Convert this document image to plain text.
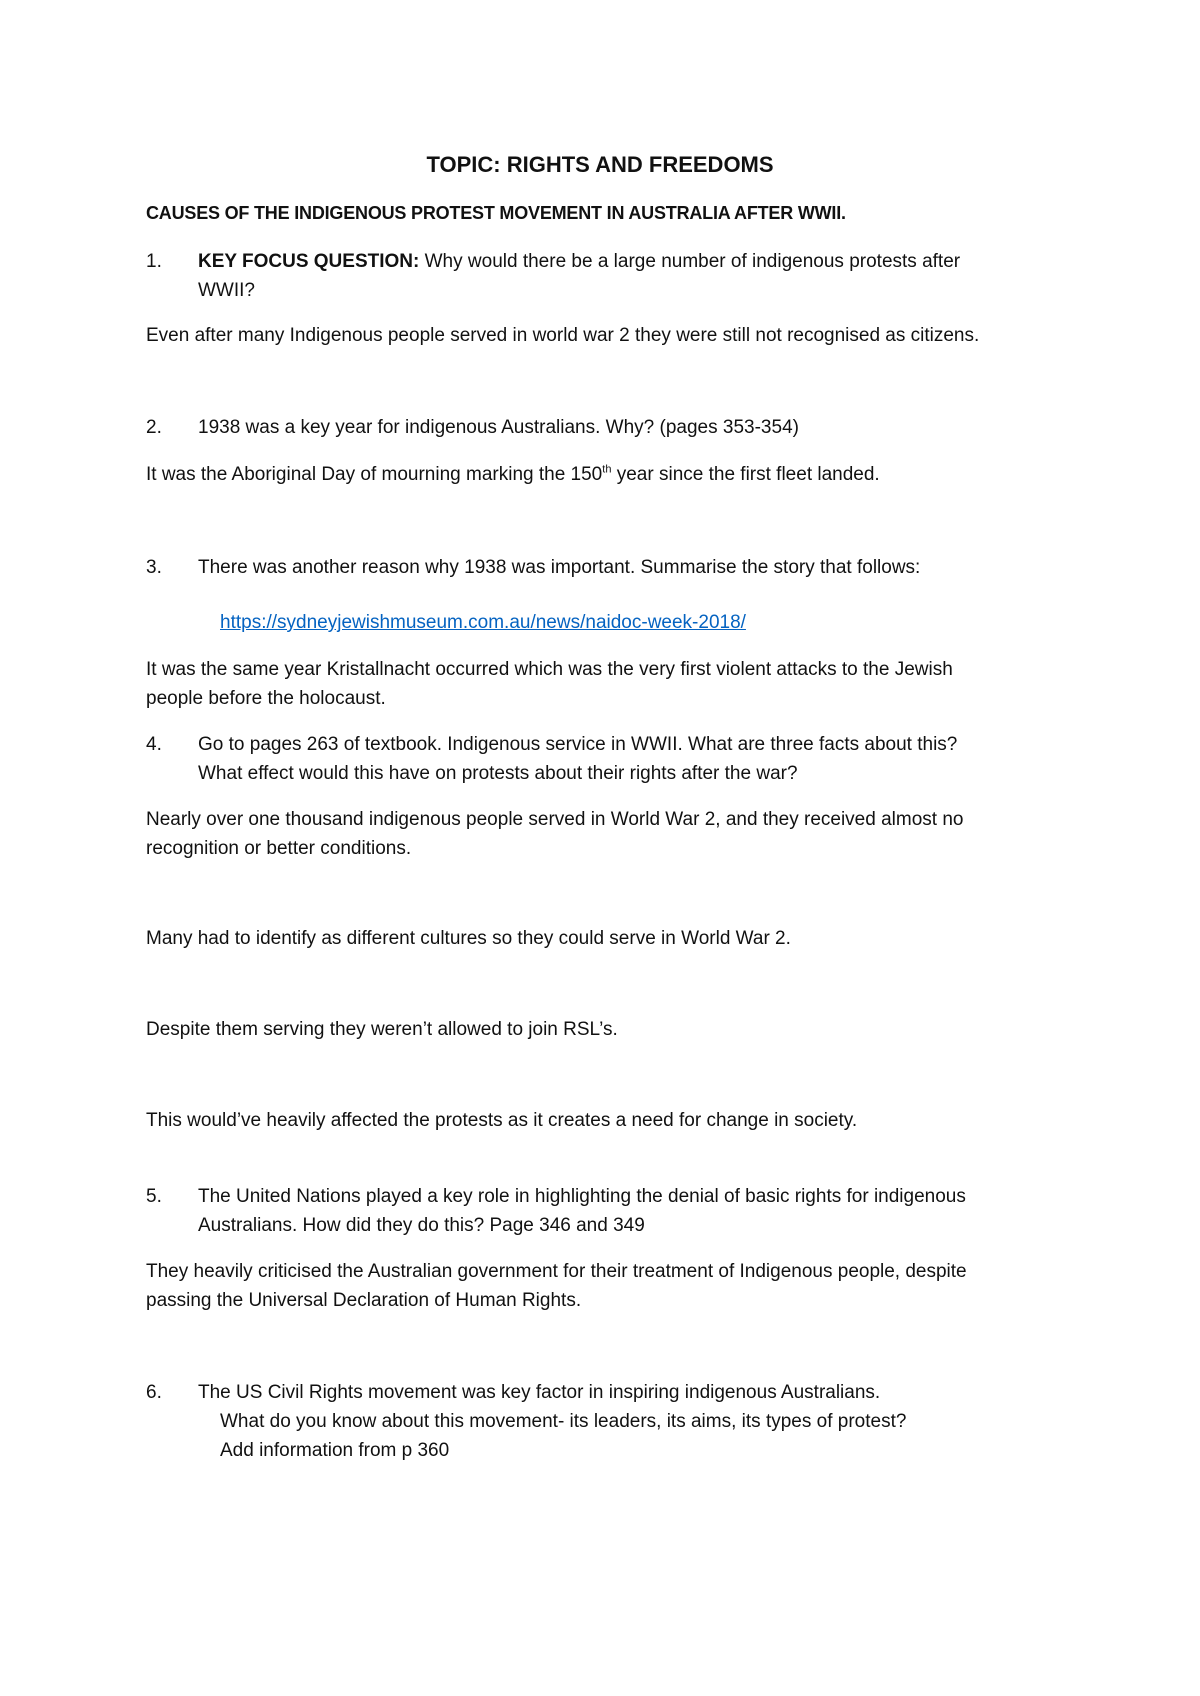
TOPIC: RIGHTS AND FREEDOMS

CAUSES OF THE INDIGENOUS PROTEST MOVEMENT IN AUSTRALIA AFTER WWII.

1. KEY FOCUS QUESTION: Why would there be a large number of indigenous protests after
WWII?

Even after many Indigenous people served in world war 2 they were still not recognised as citizens.

2. 1938 was a key year for indigenous Australians. Why? (pages 353-354)

It was the Aboriginal Day of mourning marking the 150th year since the first fleet landed.

3. There was another reason why 1938 was important. Summarise the story that follows:

https://sydneyjewishmuseum.com.au/news/naidoc-week-2018/

It was the same year Kristallnacht occurred which was the very first violent attacks to the Jewish
people before the holocaust.
4. Go to pages 263 of textbook. Indigenous service in WWII. What are three facts about this?
What effect would this have on protests about their rights after the war?
Nearly over one thousand indigenous people served in World War 2, and they received almost no
recognition or better conditions.

Many had to identify as different cultures so they could serve in World War 2.

Despite them serving they weren’t allowed to join RSL’s.

This would’ve heavily affected the protests as it creates a need for change in society.

5. The United Nations played a key role in highlighting the denial of basic rights for indigenous
Australians. How did they do this? Page 346 and 349
They heavily criticised the Australian government for their treatment of Indigenous people, despite
passing the Universal Declaration of Human Rights.
6. The US Civil Rights movement was key factor in inspiring indigenous Australians.
What do you know about this movement- its leaders, its aims, its types of protest?
Add information from p 360
